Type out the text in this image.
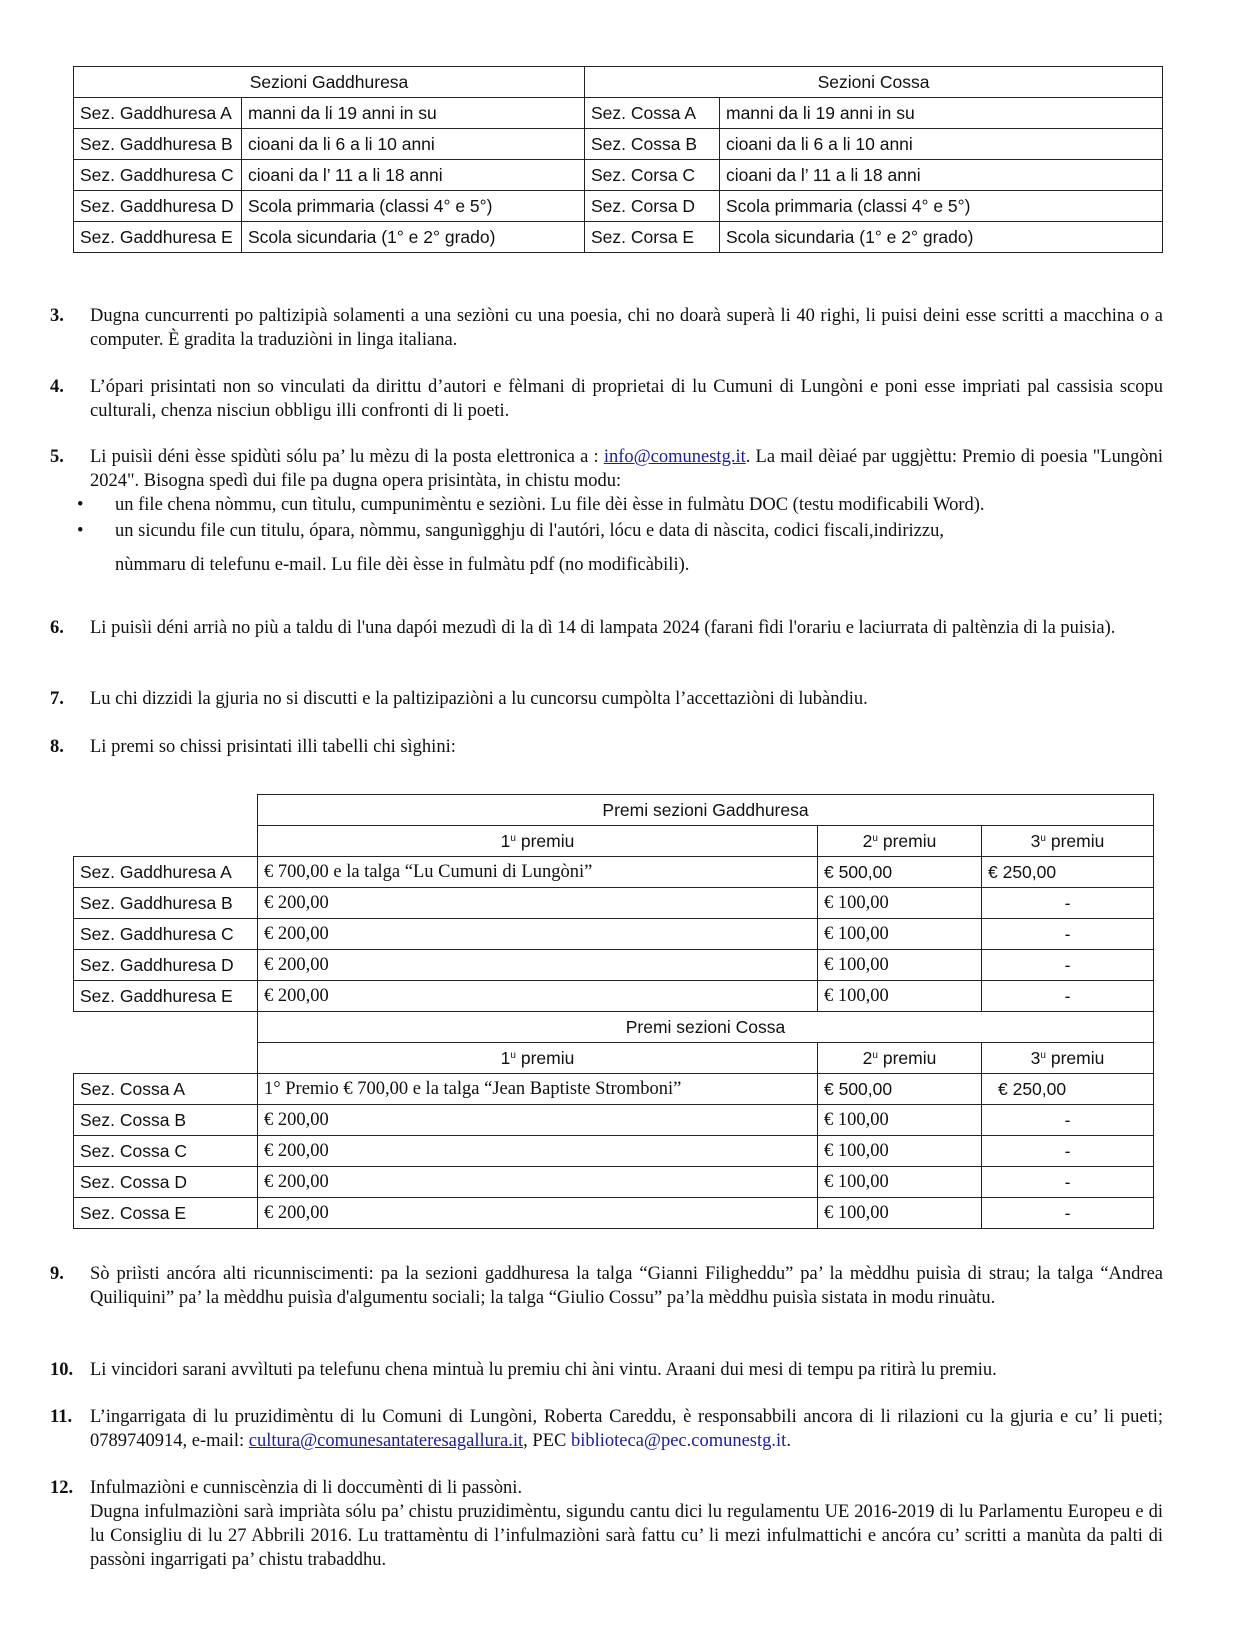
Sezioni Gaddhuresa		Sezioni Cossa	
Sez. Gaddhuresa A	manni da li 19 anni in su	Sez. Cossa A	manni da li 19 anni in su
Sez. Gaddhuresa B	cioani da li 6 a li 10 anni	Sez. Cossa B	cioani da li 6 a li 10 anni
Sez. Gaddhuresa C	cioani da l’ 11 a li 18 anni	Sez. Corsa C	cioani da l’ 11 a li 18 anni
Sez. Gaddhuresa D	Scola primmaria (classi 4° e 5°)	Sez. Corsa D	Scola primmaria (classi 4° e 5°)
Sez. Gaddhuresa E	Scola sicundaria (1° e 2° grado)	Sez. Corsa E	Scola sicundaria (1° e 2° grado)
3. Dugna cuncurrenti po paltizipià solamenti a una seziòni cu una poesia, chi no doarà superà li 40 righi, li puisi deini esse scritti a macchina o a computer. È gradita la traduziòni in linga italiana.
4. L’ópari prisintati non so vinculati da dirittu d’autori e fèlmani di proprietai di lu Cumuni di Lungòni e poni esse impriati pal cassisia scopu culturali, chenza nisciun obbligu illi confronti di li poeti.
5. Li puisìi déni èsse spidùti sólu pa’ lu mèzu di la posta elettronica a : info@comunestg.it. La mail dèiaé par uggjèttu: Premio di poesia "Lungòni 2024". Bisogna spedì dui file pa dugna opera prisintàta, in chistu modu:
• un file chena nòmmu, cun tìtulu, cumpunimèntu e seziòni. Lu file dèi èsse in fulmàtu DOC (testu modificabili Word).
• un sicundu file cun titulu, ópara, nòmmu, sangunìgghju di l'autóri, lócu e data di nàscita, codici fiscali,indirizzu,
nùmmaru di telefunu e-mail. Lu file dèi èsse in fulmàtu pdf (no modificàbili).
6. Li puisìi déni arrià no più a taldu di l'una dapói mezudì di la dì 14 di lampata 2024 (farani fìdi l'orariu e laciurrata di paltènzia di la puisia).
7. Lu chi dizzidi la gjuria no si discutti e la paltizipaziòni a lu cuncorsu cumpòlta l’accettaziòni di lubàndiu.
8. Li premi so chissi prisintati illi tabelli chi sìghini:
	Premi sezioni Gaddhuresa		
	1$^u$ premiu	2$^u$ premiu	3$^u$ premiu
Sez. Gaddhuresa A	€ 700,00 e la talga “Lu Cumuni di Lungòni”	€ 500,00	€ 250,00
Sez. Gaddhuresa B	€ 200,00	€ 100,00	-
Sez. Gaddhuresa C	€ 200,00	€ 100,00	-
Sez. Gaddhuresa D	€ 200,00	€ 100,00	-
Sez. Gaddhuresa E	€ 200,00	€ 100,00	-
	Premi sezioni Cossa		
	1$^u$ premiu	2$^u$ premiu	3$^u$ premiu
Sez. Cossa A	1° Premio € 700,00 e la talga “Jean Baptiste Stromboni”	€ 500,00	€ 250,00
Sez. Cossa B	€ 200,00	€ 100,00	-
Sez. Cossa C	€ 200,00	€ 100,00	-
Sez. Cossa D	€ 200,00	€ 100,00	-
Sez. Cossa E	€ 200,00	€ 100,00	-
9. Sò priìsti ancóra alti ricunniscimenti: pa la sezioni gaddhuresa la talga “Gianni Filigheddu” pa’ la mèddhu puisìa di strau; la talga “Andrea Quiliquini” pa’ la mèddhu puisìa d'algumentu sociali; la talga “Giulio Cossu” pa’la mèddhu puisìa sistata in modu rinuàtu.
10. Li vincidori sarani avvìltuti pa telefunu chena mintuà lu premiu chi àni vintu. Araani dui mesi di tempu pa ritirà lu premiu.
11. L’ingarrigata di lu pruzidimèntu di lu Comuni di Lungòni, Roberta Careddu, è responsabbili ancora di li rilazioni cu la gjuria e cu’ li pueti; 0789740914, e-mail: cultura@comunesantateresagallura.it, PEC biblioteca@pec.comunestg.it.
12. Infulmaziòni e cunniscènzia di li doccumènti di li passòni.
Dugna infulmaziòni sarà impriàta sólu pa’ chistu pruzidimèntu, sigundu cantu dici lu regulamentu UE 2016-2019 di lu Parlamentu Europeu e di lu Consigliu di lu 27 Abbrili 2016. Lu trattamèntu di l’infulmaziòni sarà fattu cu’ li mezi infulmattichi e ancóra cu’ scritti a manùta da palti di passòni ingarrigati pa’ chistu trabaddhu.
